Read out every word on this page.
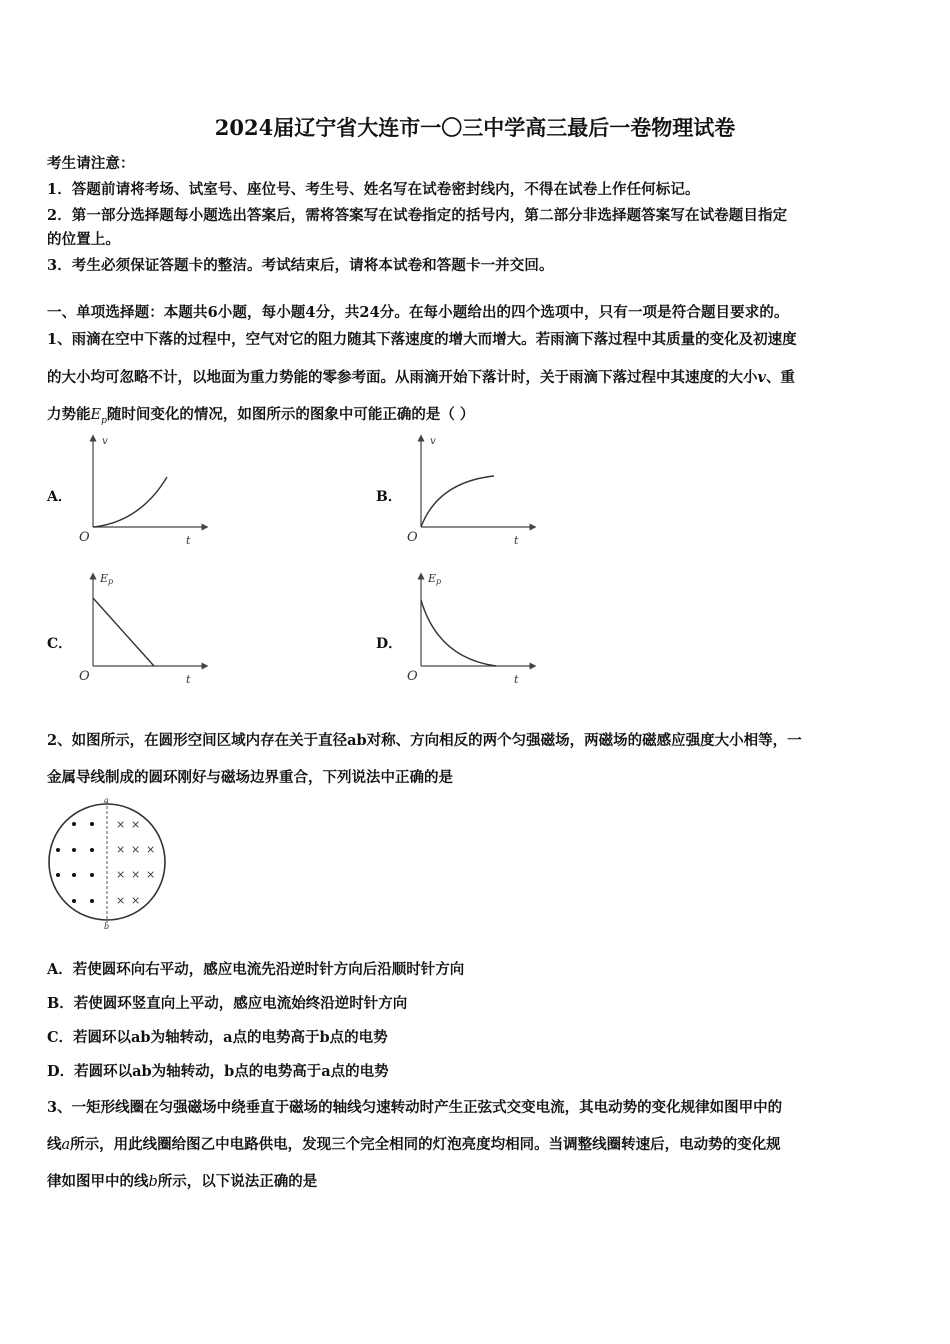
2024届辽宁省大连市一〇三中学高三最后一卷物理试卷
考生请注意：
1．答题前请将考场、试室号、座位号、考生号、姓名写在试卷密封线内，不得在试卷上作任何标记。
2．第一部分选择题每小题选出答案后，需将答案写在试卷指定的括号内，第二部分非选择题答案写在试卷题目指定
的位置上。
3．考生必须保证答题卡的整洁。考试结束后，请将本试卷和答题卡一并交回。
一、单项选择题：本题共6小题，每小题4分，共24分。在每小题给出的四个选项中，只有一项是符合题目要求的。
1、雨滴在空中下落的过程中，空气对它的阻力随其下落速度的增大而增大。若雨滴下落过程中其质量的变化及初速度
的大小均可忽略不计，以地面为重力势能的零参考面。从雨滴开始下落计时，关于雨滴下落过程中其速度的大小v、重
力势能$E_p$随时间变化的情况，如图所示的图象中可能正确的是（ ）
A．
v
O	t
B．
v
O	t
C．
Ep
O	t
D．
Ep
O	t
2、如图所示，在圆形空间区域内存在关于直径ab对称、方向相反的两个匀强磁场，两磁场的磁感应强度大小相等，一
金属导线制成的圆环刚好与磁场边界重合，下列说法中正确的是
a
b
× ×
× × ×
× × ×
× ×
A．若使圆环向右平动，感应电流先沿逆时针方向后沿顺时针方向
B．若使圆环竖直向上平动，感应电流始终沿逆时针方向
C．若圆环以ab为轴转动，a点的电势高于b点的电势
D．若圆环以ab为轴转动，b点的电势高于a点的电势
3、一矩形线圈在匀强磁场中绕垂直于磁场的轴线匀速转动时产生正弦式交变电流，其电动势的变化规律如图甲中的
线a所示，用此线圈给图乙中电路供电，发现三个完全相同的灯泡亮度均相同。当调整线圈转速后，电动势的变化规
律如图甲中的线b所示，以下说法正确的是
